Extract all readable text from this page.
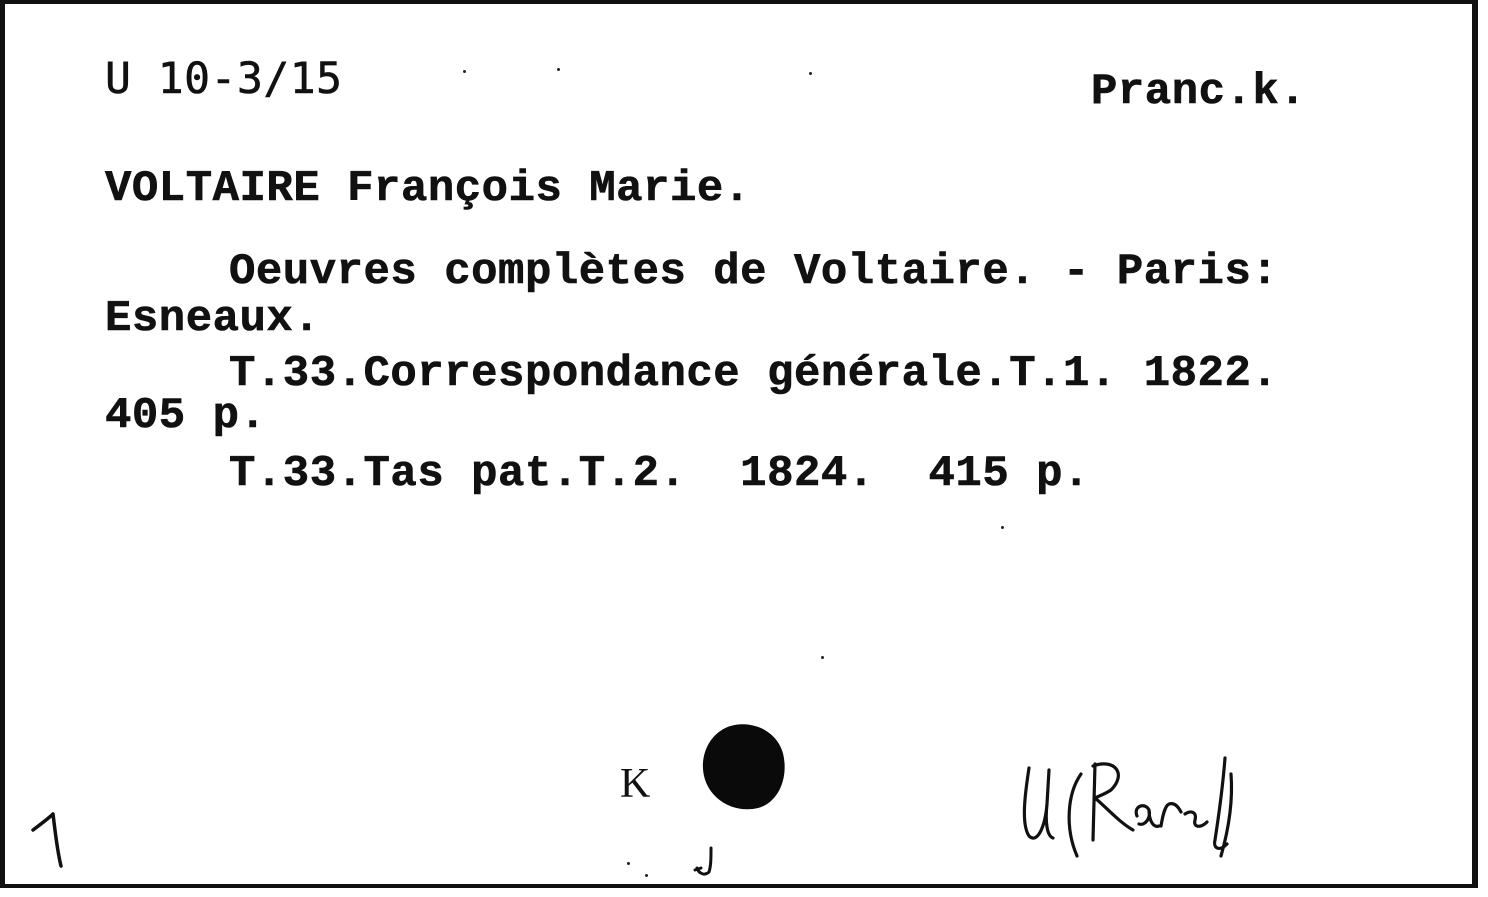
U 10-3/15	Pranc.k.
VOLTAIRE François Marie.
Oeuvres complètes de Voltaire. - Paris:
Esneaux.
T.33.Correspondance générale.T.1. 1822.
405 p.
T.33.Tas pat.T.2.  1824.  415 p.
K
